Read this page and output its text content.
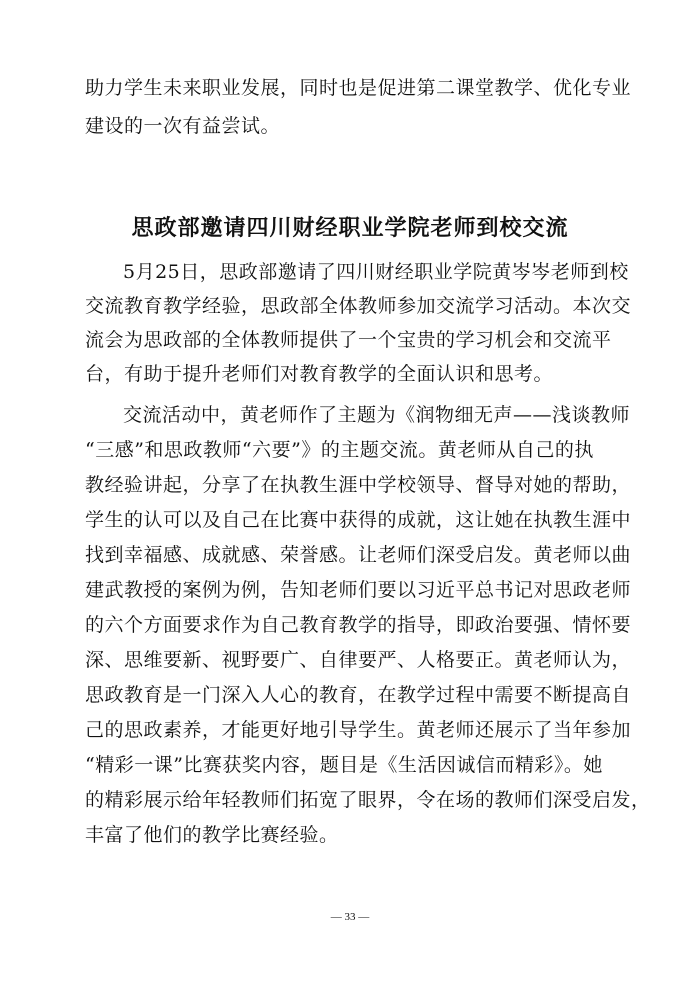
助力学生未来职业发展，同时也是促进第二课堂教学、优化专业
建设的一次有益尝试。
思政部邀请四川财经职业学院老师到校交流
5月25日，思政部邀请了四川财经职业学院黄岑岑老师到校
交流教育教学经验，思政部全体教师参加交流学习活动。本次交
流会为思政部的全体教师提供了一个宝贵的学习机会和交流平
台，有助于提升老师们对教育教学的全面认识和思考。
交流活动中，黄老师作了主题为《润物细无声——浅谈教师
“三感”和思政教师“六要”》的主题交流。黄老师从自己的执
教经验讲起，分享了在执教生涯中学校领导、督导对她的帮助，
学生的认可以及自己在比赛中获得的成就，这让她在执教生涯中
找到幸福感、成就感、荣誉感。让老师们深受启发。黄老师以曲
建武教授的案例为例，告知老师们要以习近平总书记对思政老师
的六个方面要求作为自己教育教学的指导，即政治要强、情怀要
深、思维要新、视野要广、自律要严、人格要正。黄老师认为，
思政教育是一门深入人心的教育，在教学过程中需要不断提高自
己的思政素养，才能更好地引导学生。黄老师还展示了当年参加
“精彩一课”比赛获奖内容，题目是《生活因诚信而精彩》。她
的精彩展示给年轻教师们拓宽了眼界，令在场的教师们深受启发，
丰富了他们的教学比赛经验。
— 33 —
